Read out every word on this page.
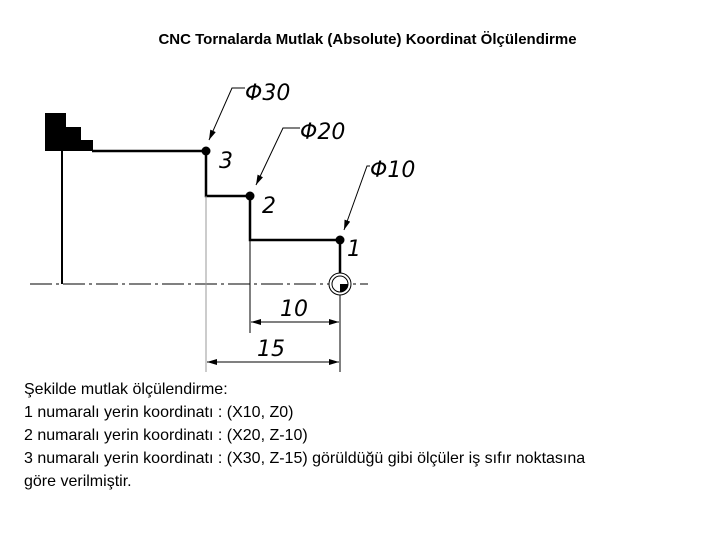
CNC Tornalarda Mutlak (Absolute) Koordinat Ölçülendirme
Φ30
Φ20
Φ10
3
2
1
10
15
Şekilde mutlak ölçülendirme:
1 numaralı yerin koordinatı : (X10, Z0)
2 numaralı yerin koordinatı : (X20, Z-10)
3 numaralı yerin koordinatı : (X30, Z-15) görüldüğü gibi ölçüler iş sıfır noktasına
göre verilmiştir.
